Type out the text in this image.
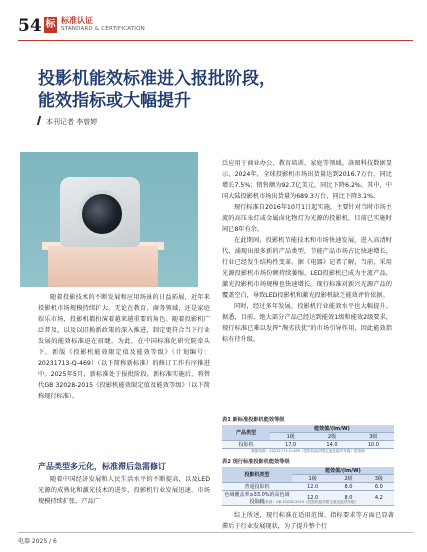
54 标 标准认证
STANDARD & CERTIFICATION
投影机能效标准进入报批阶段，
能效指标或大幅提升
本刊记者 李曾婷

随着投影技术的不断发展和应用场景的日益拓展，近年来投影机市场规模持续扩大。无论在教育、商务领域，还是家庭娱乐市场，投影机都扮演着越来越重要的角色。随着投影机广泛普及，以及以旧换新政策的深入推进，制定更符合当下行业发展的能效标准迫在眉睫。为此，在中国标准化研究院牵头下，新版《投影机能效限定值及能效等级》（计划编号：20231713-Q-469）（以下简称新标准）的修订工作有序推进中。2025年5月，新标准处于报批阶段。新标准实施后，将替代GB 32028-2015《投影机能效限定值及能效等级》（以下简称现行标准）。

产品类型多元化，标准滞后急需修订

随着中国经济发展和人民生活水平的不断提高，以及LED光源的成熟化和激光技术的进步，投影机行业发展迅速，市场规模持续扩张，产品广

泛应用于商业办公、教育培训、家庭等领域。洛图科技数据显示，2024年，全球投影机市场出货量达到2016.7万台，同比增长7.5%；销售额为92.7亿美元，同比下降6.2%。其中，中国大陆投影机市场出货量为689.3万台，同比下降3.1%。

现行标准自2016年10月1日起实施，主要针对当时市场主流的高压汞灯或金属卤化物灯为光源的投影机，目前已实施时间已8年有余。

在此期间，投影机节能技术和市场快速发展，进入高清时代，涌现出很多新的产品类型，节能产品市场占比快速增长，行业已经发生结构性变革。据《电器》记者了解，当前，采用光源投影机市场份额持续萎缩，LED投影机已成为主流产品，激光投影机市场规模也快速增长。现行标准对新兴光源产品的覆盖空白，导致LED投影机和激光投影机缺乏能效评价依据。

同时，经过多年发展，投影机行业能效水平也大幅提升。据悉，目前，绝大部分产品已经达到能效1级和能效2级要求，现行标准已难以发挥“淘劣扶优”的市场引导作用，因此能效指标有待升级。

表1 新标准投影机能效等级
产品类型	能效值/(lm/W)		
	1级	2级	3级
投影机	17.0	14.0	10.0
数据来源：20231713-Q-469《投影机能效限定值及能效等级》报批稿
表2 现行标准投影机能效等级
投影机类型	能效值/(lm/W)		
	1级	2级	3级
普通投影机	12.0	8.0	6.0
色域覆盖率≥33.0%的高色域投影机	12.0	8.0	4.2
数据来源：GB 32028-2015《投影机能效限定值及能效等级》

综上所述，现行标准在适用范围、指标要求等方面已显著滞后于行业发展现状，为了提升整个行

电器 2025 / 6
